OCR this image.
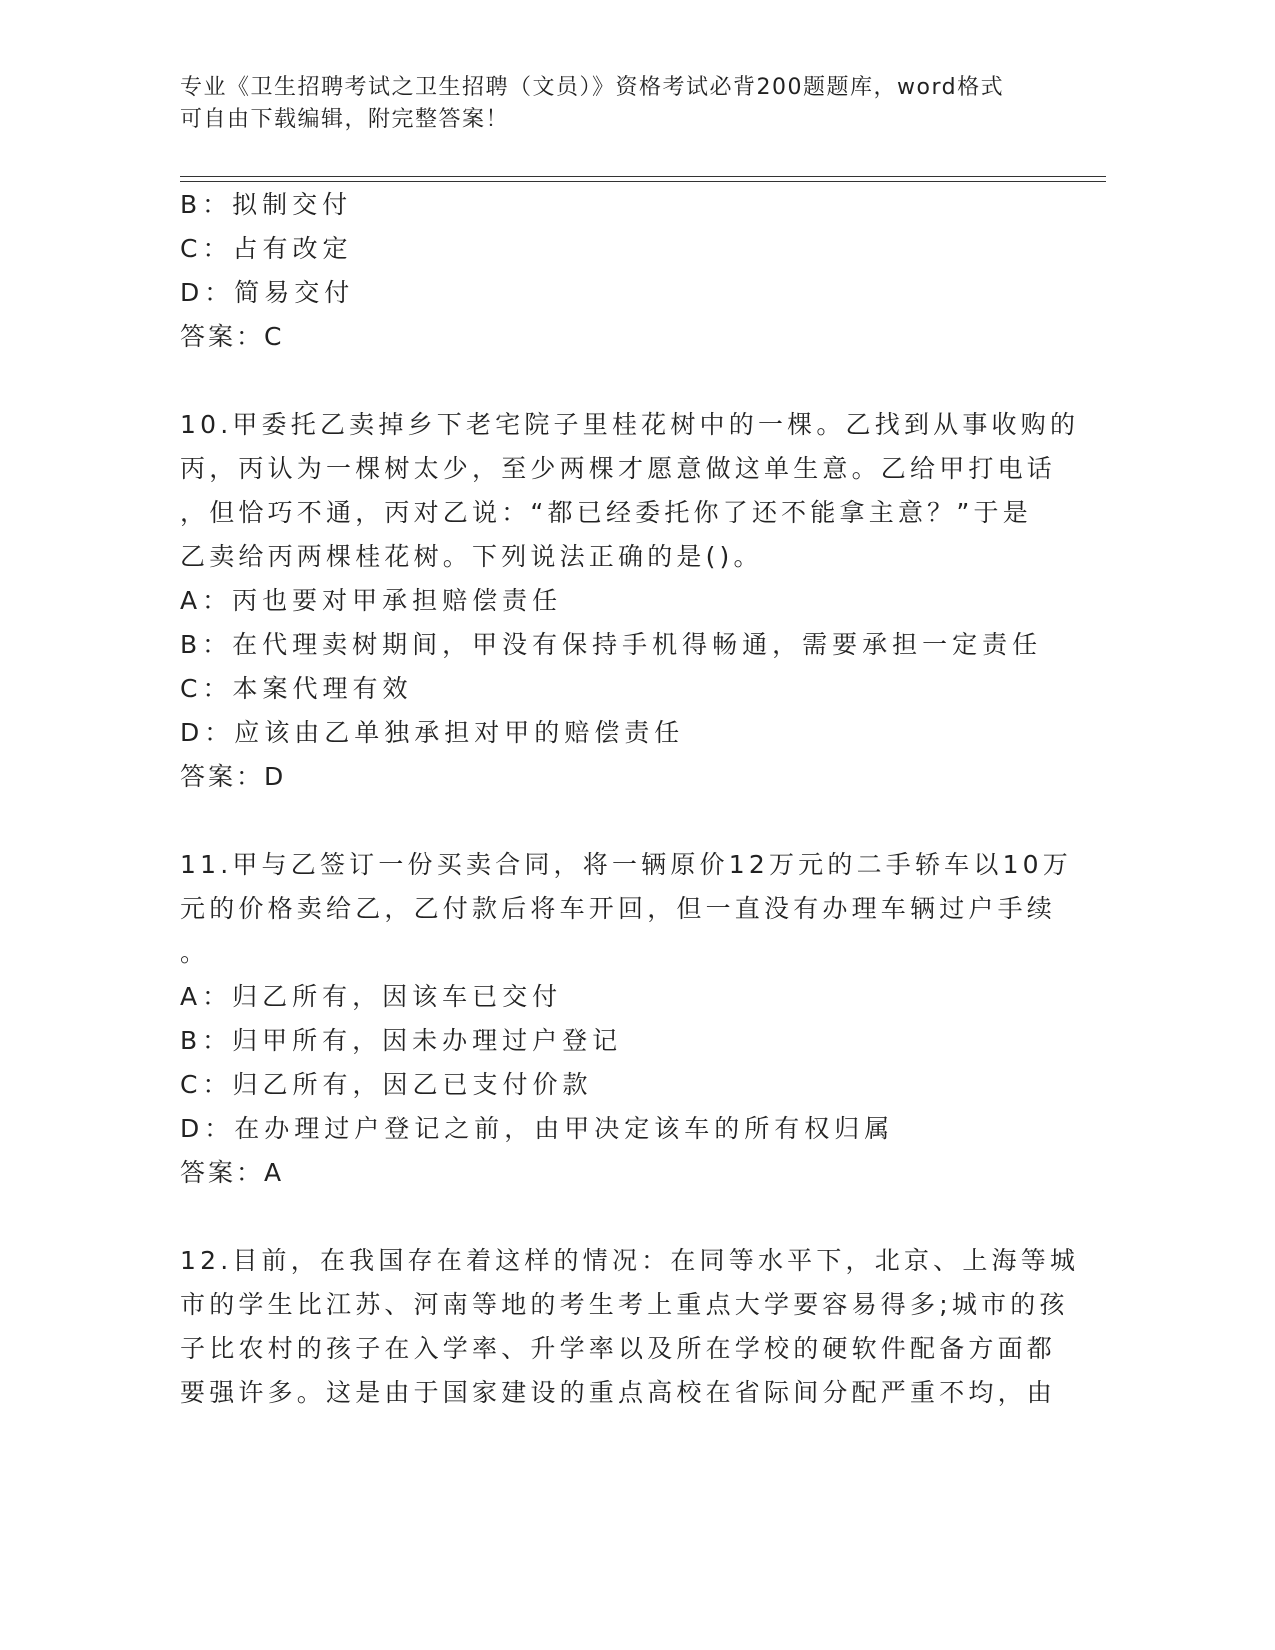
专业《卫生招聘考试之卫生招聘（文员）》资格考试必背200题题库，word格式
可自由下载编辑，附完整答案！
B：拟制交付
C：占有改定
D：简易交付
答案：C
10.甲委托乙卖掉乡下老宅院子里桂花树中的一棵。乙找到从事收购的
丙，丙认为一棵树太少，至少两棵才愿意做这单生意。乙给甲打电话
，但恰巧不通，丙对乙说：“都已经委托你了还不能拿主意？”于是
乙卖给丙两棵桂花树。下列说法正确的是()。
A：丙也要对甲承担赔偿责任
B：在代理卖树期间，甲没有保持手机得畅通，需要承担一定责任
C：本案代理有效
D：应该由乙单独承担对甲的赔偿责任
答案：D
11.甲与乙签订一份买卖合同，将一辆原价12万元的二手轿车以10万
元的价格卖给乙，乙付款后将车开回，但一直没有办理车辆过户手续
。
A：归乙所有，因该车已交付
B：归甲所有，因未办理过户登记
C：归乙所有，因乙已支付价款
D：在办理过户登记之前，由甲决定该车的所有权归属
答案：A
12.目前，在我国存在着这样的情况：在同等水平下，北京、上海等城
市的学生比江苏、河南等地的考生考上重点大学要容易得多;城市的孩
子比农村的孩子在入学率、升学率以及所在学校的硬软件配备方面都
要强许多。这是由于国家建设的重点高校在省际间分配严重不均，由
